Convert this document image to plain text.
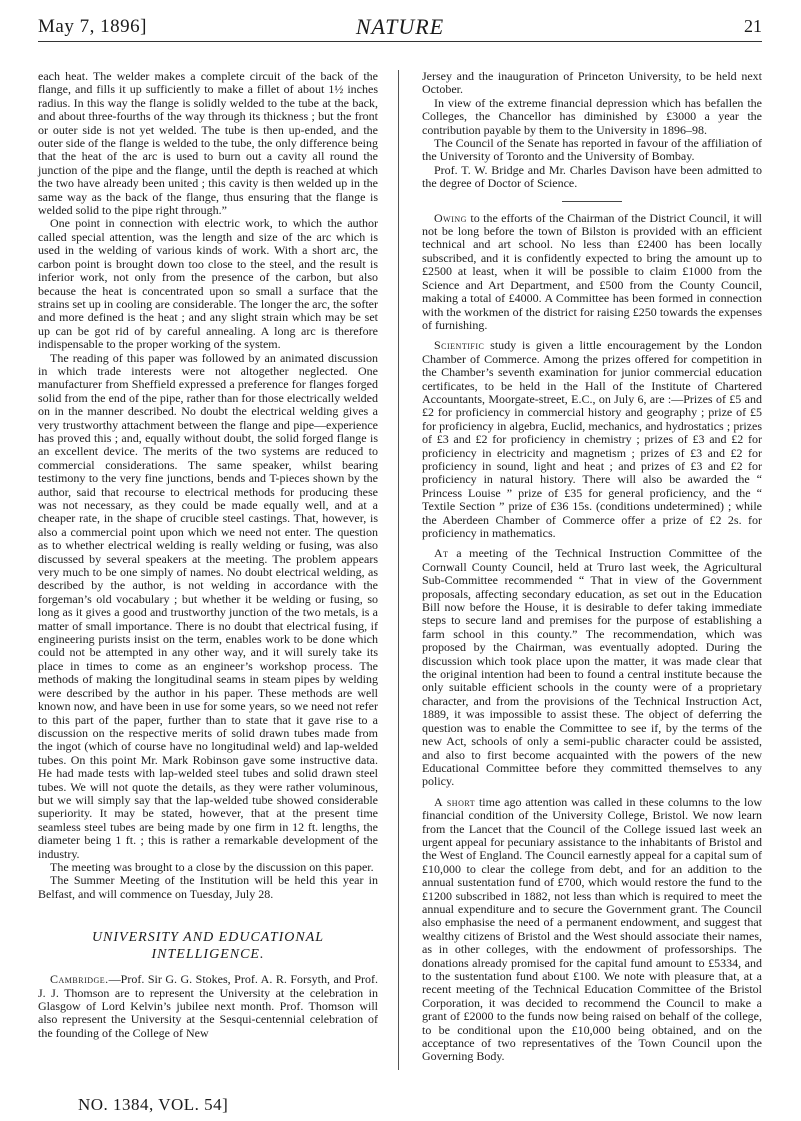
May 7, 1896]	NATURE	21

each heat. The welder makes a complete circuit of the back of the flange, and fills it up sufficiently to make a fillet of about 1½ inches radius. In this way the flange is solidly welded to the tube at the back, and about three-fourths of the way through its thickness ; but the front or outer side is not yet welded. The tube is then up-ended, and the outer side of the flange is welded to the tube, the only difference being that the heat of the arc is used to burn out a cavity all round the junction of the pipe and the flange, until the depth is reached at which the two have already been united ; this cavity is then welded up in the same way as the back of the flange, thus ensuring that the flange is welded solid to the pipe right through.”

One point in connection with electric work, to which the author called special attention, was the length and size of the arc which is used in the welding of various kinds of work. With a short arc, the carbon point is brought down too close to the steel, and the result is inferior work, not only from the presence of the carbon, but also because the heat is concentrated upon so small a surface that the strains set up in cooling are considerable. The longer the arc, the softer and more defined is the heat ; and any slight strain which may be set up can be got rid of by careful annealing. A long arc is therefore indispensable to the proper working of the system.

The reading of this paper was followed by an animated discussion in which trade interests were not altogether neglected. One manufacturer from Sheffield expressed a preference for flanges forged solid from the end of the pipe, rather than for those electrically welded on in the manner described. No doubt the electrical welding gives a very trustworthy attachment between the flange and pipe—experience has proved this ; and, equally without doubt, the solid forged flange is an excellent device. The merits of the two systems are reduced to commercial considerations. The same speaker, whilst bearing testimony to the very fine junctions, bends and T-pieces shown by the author, said that recourse to electrical methods for producing these was not necessary, as they could be made equally well, and at a cheaper rate, in the shape of crucible steel castings. That, however, is also a commercial point upon which we need not enter. The question as to whether electrical welding is really welding or fusing, was also discussed by several speakers at the meeting. The problem appears very much to be one simply of names. No doubt electrical welding, as described by the author, is not welding in accordance with the forgeman’s old vocabulary ; but whether it be welding or fusing, so long as it gives a good and trustworthy junction of the two metals, is a matter of small importance. There is no doubt that electrical fusing, if engineering purists insist on the term, enables work to be done which could not be attempted in any other way, and it will surely take its place in times to come as an engineer’s workshop process. The methods of making the longitudinal seams in steam pipes by welding were described by the author in his paper. These methods are well known now, and have been in use for some years, so we need not refer to this part of the paper, further than to state that it gave rise to a discussion on the respective merits of solid drawn tubes made from the ingot (which of course have no longitudinal weld) and lap-welded tubes. On this point Mr. Mark Robinson gave some instructive data. He had made tests with lap-welded steel tubes and solid drawn steel tubes. We will not quote the details, as they were rather voluminous, but we will simply say that the lap-welded tube showed considerable superiority. It may be stated, however, that at the present time seamless steel tubes are being made by one firm in 12 ft. lengths, the diameter being 1 ft. ; this is rather a remarkable development of the industry.

The meeting was brought to a close by the discussion on this paper.

The Summer Meeting of the Institution will be held this year in Belfast, and will commence on Tuesday, July 28.

UNIVERSITY AND EDUCATIONAL INTELLIGENCE.

Cambridge.—Prof. Sir G. G. Stokes, Prof. A. R. Forsyth, and Prof. J. J. Thomson are to represent the University at the celebration in Glasgow of Lord Kelvin’s jubilee next month. Prof. Thomson will also represent the University at the Sesqui-centennial celebration of the founding of the College of New

Jersey and the inauguration of Princeton University, to be held next October.

In view of the extreme financial depression which has befallen the Colleges, the Chancellor has diminished by £3000 a year the contribution payable by them to the University in 1896–98.

The Council of the Senate has reported in favour of the affiliation of the University of Toronto and the University of Bombay.

Prof. T. W. Bridge and Mr. Charles Davison have been admitted to the degree of Doctor of Science.

Owing to the efforts of the Chairman of the District Council, it will not be long before the town of Bilston is provided with an efficient technical and art school. No less than £2400 has been locally subscribed, and it is confidently expected to bring the amount up to £2500 at least, when it will be possible to claim £1000 from the Science and Art Department, and £500 from the County Council, making a total of £4000. A Committee has been formed in connection with the workmen of the district for raising £250 towards the expenses of furnishing.

Scientific study is given a little encouragement by the London Chamber of Commerce. Among the prizes offered for competition in the Chamber’s seventh examination for junior commercial education certificates, to be held in the Hall of the Institute of Chartered Accountants, Moorgate-street, E.C., on July 6, are :—Prizes of £5 and £2 for proficiency in commercial history and geography ; prize of £5 for proficiency in algebra, Euclid, mechanics, and hydrostatics ; prizes of £3 and £2 for proficiency in chemistry ; prizes of £3 and £2 for proficiency in electricity and magnetism ; prizes of £3 and £2 for proficiency in sound, light and heat ; and prizes of £3 and £2 for proficiency in natural history. There will also be awarded the “ Princess Louise ” prize of £35 for general proficiency, and the “ Textile Section ” prize of £36 15s. (conditions undetermined) ; while the Aberdeen Chamber of Commerce offer a prize of £2 2s. for proficiency in mathematics.

At a meeting of the Technical Instruction Committee of the Cornwall County Council, held at Truro last week, the Agricultural Sub-Committee recommended “ That in view of the Government proposals, affecting secondary education, as set out in the Education Bill now before the House, it is desirable to defer taking immediate steps to secure land and premises for the purpose of establishing a farm school in this county.” The recommendation, which was proposed by the Chairman, was eventually adopted. During the discussion which took place upon the matter, it was made clear that the original intention had been to found a central institute because the only suitable efficient schools in the county were of a proprietary character, and from the provisions of the Technical Instruction Act, 1889, it was impossible to assist these. The object of deferring the question was to enable the Committee to see if, by the terms of the new Act, schools of only a semi-public character could be assisted, and also to first become acquainted with the powers of the new Educational Committee before they committed themselves to any policy.

A short time ago attention was called in these columns to the low financial condition of the University College, Bristol. We now learn from the Lancet that the Council of the College issued last week an urgent appeal for pecuniary assistance to the inhabitants of Bristol and the West of England. The Council earnestly appeal for a capital sum of £10,000 to clear the college from debt, and for an addition to the annual sustentation fund of £700, which would restore the fund to the £1200 subscribed in 1882, not less than which is required to meet the annual expenditure and to secure the Government grant. The Council also emphasise the need of a permanent endowment, and suggest that wealthy citizens of Bristol and the West should associate their names, as in other colleges, with the endowment of professorships. The donations already promised for the capital fund amount to £5334, and to the sustentation fund about £100. We note with pleasure that, at a recent meeting of the Technical Education Committee of the Bristol Corporation, it was decided to recommend the Council to make a grant of £2000 to the funds now being raised on behalf of the college, to be conditional upon the £10,000 being obtained, and on the acceptance of two representatives of the Town Council upon the Governing Body.

NO. 1384, VOL. 54]
